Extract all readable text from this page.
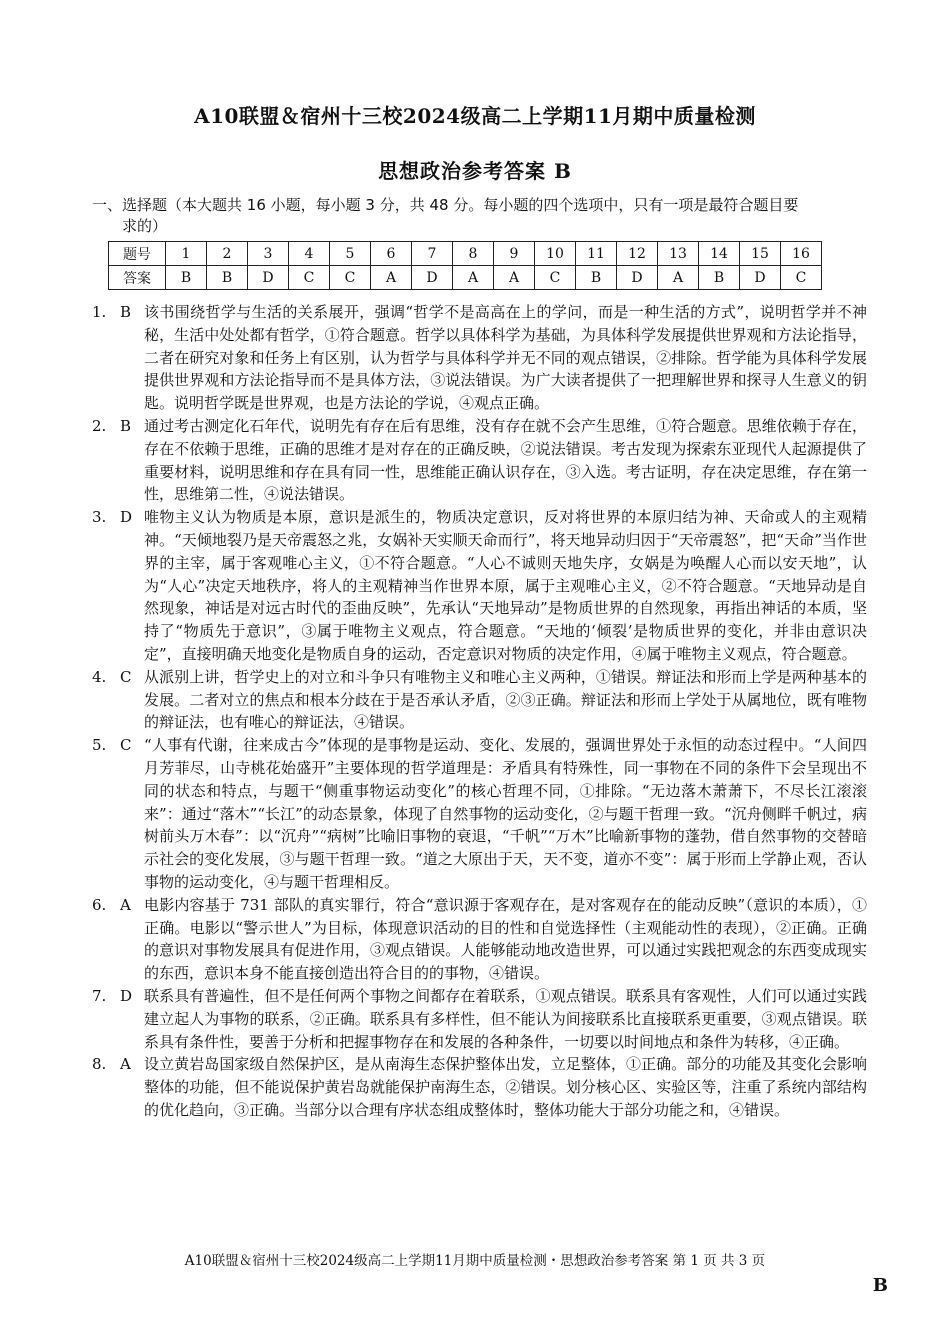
A10联盟＆宿州十三校2024级高二上学期11月期中质量检测
思想政治参考答案 B
一、选择题（本大题共 16 小题，每小题 3 分，共 48 分。每小题的四个选项中，只有一项是最符合题目要
求的）
题号	1	2	3	4	5	6	7	8	9	10	11	12	13	14	15	16
答案	B	B	D	C	C	A	D	A	A	C	B	D	A	B	D	C
1. B 该书围绕哲学与生活的关系展开，强调“哲学不是高高在上的学问，而是一种生活的方式”，说明哲学并不神秘，生活中处处都有哲学，①符合题意。哲学以具体科学为基础，为具体科学发展提供世界观和方法论指导，二者在研究对象和任务上有区别，认为哲学与具体科学并无不同的观点错误，②排除。哲学能为具体科学发展提供世界观和方法论指导而不是具体方法，③说法错误。为广大读者提供了一把理解世界和探寻人生意义的钥匙。说明哲学既是世界观，也是方法论的学说，④观点正确。
2. B 通过考古测定化石年代，说明先有存在后有思维，没有存在就不会产生思维，①符合题意。思维依赖于存在，存在不依赖于思维，正确的思维才是对存在的正确反映，②说法错误。考古发现为探索东亚现代人起源提供了重要材料，说明思维和存在具有同一性，思维能正确认识存在，③入选。考古证明，存在决定思维，存在第一性，思维第二性，④说法错误。
3. D 唯物主义认为物质是本原，意识是派生的，物质决定意识，反对将世界的本原归结为神、天命或人的主观精神。“天倾地裂乃是天帝震怒之兆，女娲补天实顺天命而行”，将天地异动归因于“天帝震怒”，把“天命”当作世界的主宰，属于客观唯心主义，①不符合题意。“人心不诚则天地失序，女娲是为唤醒人心而以安天地”，认为“人心”决定天地秩序，将人的主观精神当作世界本原，属于主观唯心主义，②不符合题意。“天地异动是自然现象，神话是对远古时代的歪曲反映”，先承认“天地异动”是物质世界的自然现象，再指出神话的本质，坚持了“物质先于意识”，③属于唯物主义观点，符合题意。“天地的‘倾裂’是物质世界的变化，并非由意识决定”，直接明确天地变化是物质自身的运动，否定意识对物质的决定作用，④属于唯物主义观点，符合题意。
4. C 从派别上讲，哲学史上的对立和斗争只有唯物主义和唯心主义两种，①错误。辩证法和形而上学是两种基本的发展。二者对立的焦点和根本分歧在于是否承认矛盾，②③正确。辩证法和形而上学处于从属地位，既有唯物的辩证法，也有唯心的辩证法，④错误。
5. C “人事有代谢，往来成古今”体现的是事物是运动、变化、发展的，强调世界处于永恒的动态过程中。“人间四月芳菲尽，山寺桃花始盛开”主要体现的哲学道理是：矛盾具有特殊性，同一事物在不同的条件下会呈现出不同的状态和特点，与题干“侧重事物运动变化”的核心哲理不同，①排除。“无边落木萧萧下，不尽长江滚滚来”：通过“落木”“长江”的动态景象，体现了自然事物的运动变化，②与题干哲理一致。“沉舟侧畔千帆过，病树前头万木春”：以“沉舟”“病树”比喻旧事物的衰退，“千帆”“万木”比喻新事物的蓬勃，借自然事物的交替暗示社会的变化发展，③与题干哲理一致。“道之大原出于天，天不变，道亦不变”：属于形而上学静止观，否认事物的运动变化，④与题干哲理相反。
6. A 电影内容基于 731 部队的真实罪行，符合“意识源于客观存在，是对客观存在的能动反映”（意识的本质），①正确。电影以“警示世人”为目标，体现意识活动的目的性和自觉选择性（主观能动性的表现），②正确。正确的意识对事物发展具有促进作用，③观点错误。人能够能动地改造世界，可以通过实践把观念的东西变成现实的东西，意识本身不能直接创造出符合目的的事物，④错误。
7. D 联系具有普遍性，但不是任何两个事物之间都存在着联系，①观点错误。联系具有客观性，人们可以通过实践建立起人为事物的联系，②正确。联系具有多样性，但不能认为间接联系比直接联系更重要，③观点错误。联系具有条件性，要善于分析和把握事物存在和发展的各种条件，一切要以时间地点和条件为转移，④正确。
8. A 设立黄岩岛国家级自然保护区，是从南海生态保护整体出发，立足整体，①正确。部分的功能及其变化会影响整体的功能，但不能说保护黄岩岛就能保护南海生态，②错误。划分核心区、实验区等，注重了系统内部结构的优化趋向，③正确。当部分以合理有序状态组成整体时，整体功能大于部分功能之和，④错误。
A10联盟＆宿州十三校2024级高二上学期11月期中质量检测・思想政治参考答案 第 1 页 共 3 页
B
